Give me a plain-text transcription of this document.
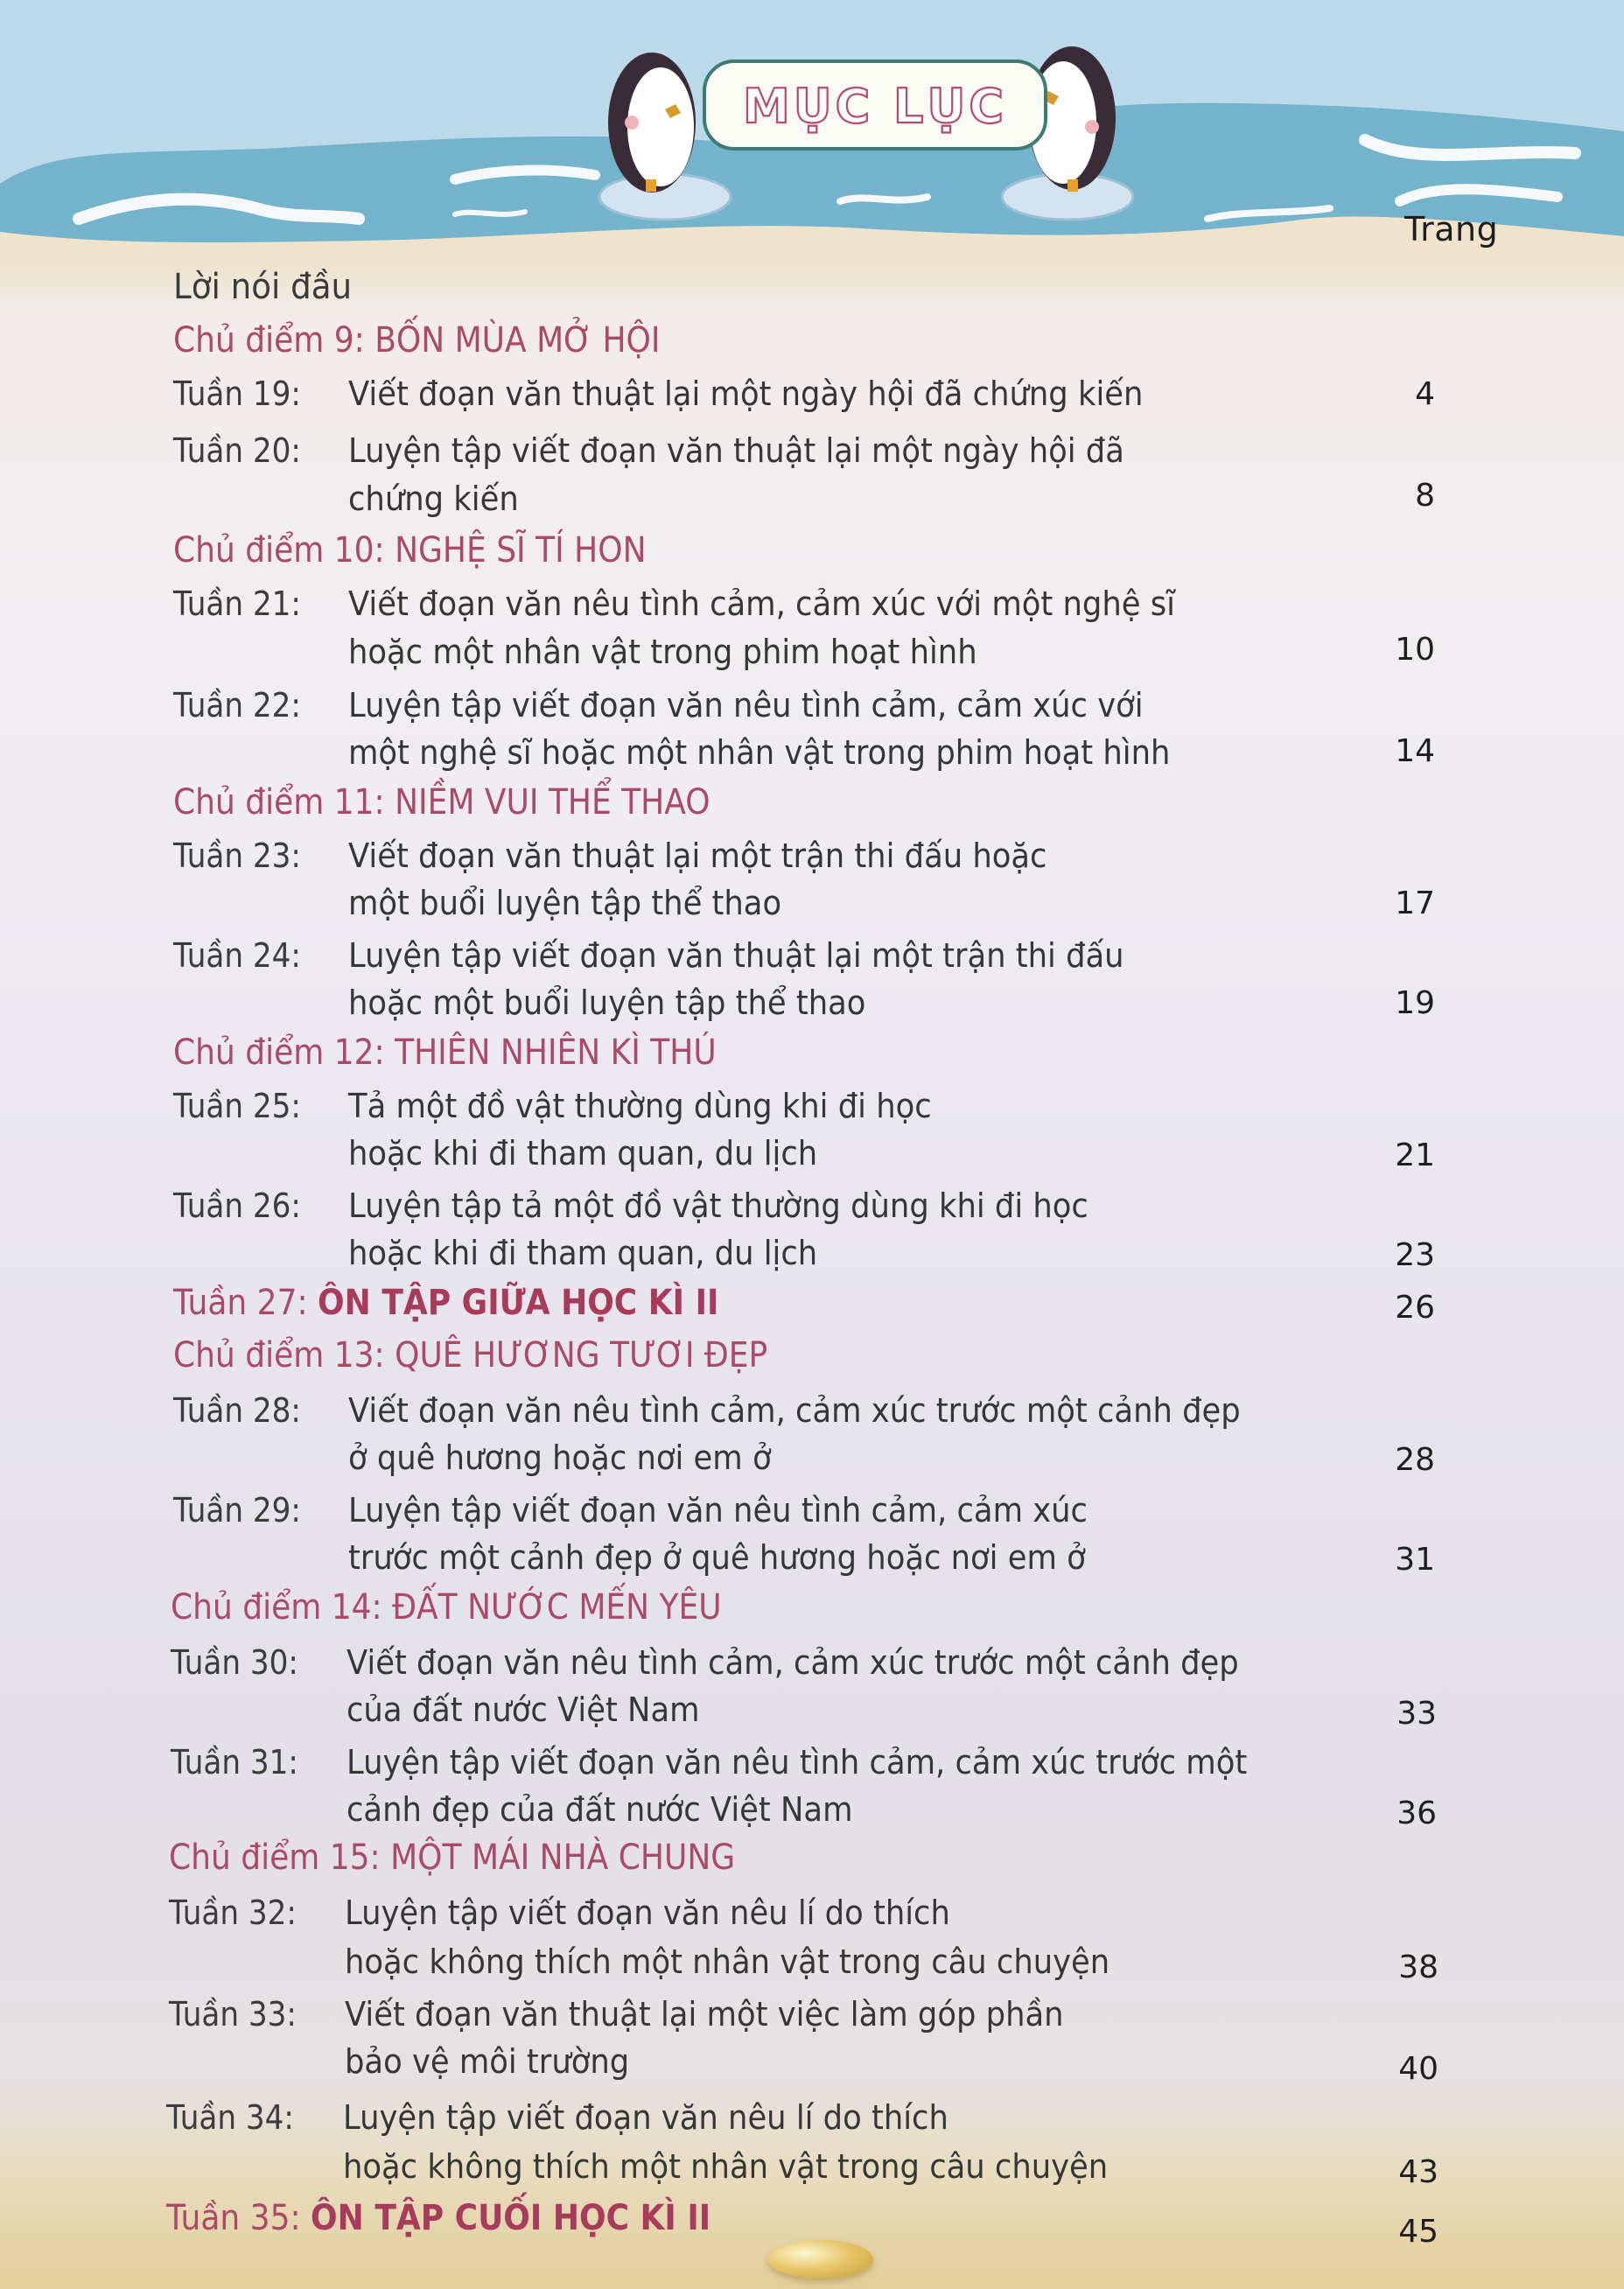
MỤC LỤC
Trang
Lời nói đầu
Chủ điểm 9: BỐN MÙA MỞ HỘI
Tuần 19: Viết đoạn văn thuật lại một ngày hội đã chứng kiến	4
Tuần 20: Luyện tập viết đoạn văn thuật lại một ngày hội đã
chứng kiến	8
Chủ điểm 10: NGHỆ SĨ TÍ HON
Tuần 21: Viết đoạn văn nêu tình cảm, cảm xúc với một nghệ sĩ
hoặc một nhân vật trong phim hoạt hình	10
Tuần 22: Luyện tập viết đoạn văn nêu tình cảm, cảm xúc với
một nghệ sĩ hoặc một nhân vật trong phim hoạt hình	14
Chủ điểm 11: NIỀM VUI THỂ THAO
Tuần 23: Viết đoạn văn thuật lại một trận thi đấu hoặc
một buổi luyện tập thể thao	17
Tuần 24: Luyện tập viết đoạn văn thuật lại một trận thi đấu
hoặc một buổi luyện tập thể thao	19
Chủ điểm 12: THIÊN NHIÊN KÌ THÚ
Tuần 25: Tả một đồ vật thường dùng khi đi học
hoặc khi đi tham quan, du lịch	21
Tuần 26: Luyện tập tả một đồ vật thường dùng khi đi học
hoặc khi đi tham quan, du lịch	23
Tuần 27: ÔN TẬP GIỮA HỌC KÌ II	26
Chủ điểm 13: QUÊ HƯƠNG TƯƠI ĐẸP
Tuần 28: Viết đoạn văn nêu tình cảm, cảm xúc trước một cảnh đẹp
ở quê hương hoặc nơi em ở	28
Tuần 29: Luyện tập viết đoạn văn nêu tình cảm, cảm xúc
trước một cảnh đẹp ở quê hương hoặc nơi em ở	31
Chủ điểm 14: ĐẤT NƯỚC MẾN YÊU
Tuần 30: Viết đoạn văn nêu tình cảm, cảm xúc trước một cảnh đẹp
của đất nước Việt Nam	33
Tuần 31: Luyện tập viết đoạn văn nêu tình cảm, cảm xúc trước một
cảnh đẹp của đất nước Việt Nam	36
Chủ điểm 15: MỘT MÁI NHÀ CHUNG
Tuần 32: Luyện tập viết đoạn văn nêu lí do thích
hoặc không thích một nhân vật trong câu chuyện	38
Tuần 33: Viết đoạn văn thuật lại một việc làm góp phần
bảo vệ môi trường	40
Tuần 34: Luyện tập viết đoạn văn nêu lí do thích
hoặc không thích một nhân vật trong câu chuyện	43
Tuần 35: ÔN TẬP CUỐI HỌC KÌ II	45
